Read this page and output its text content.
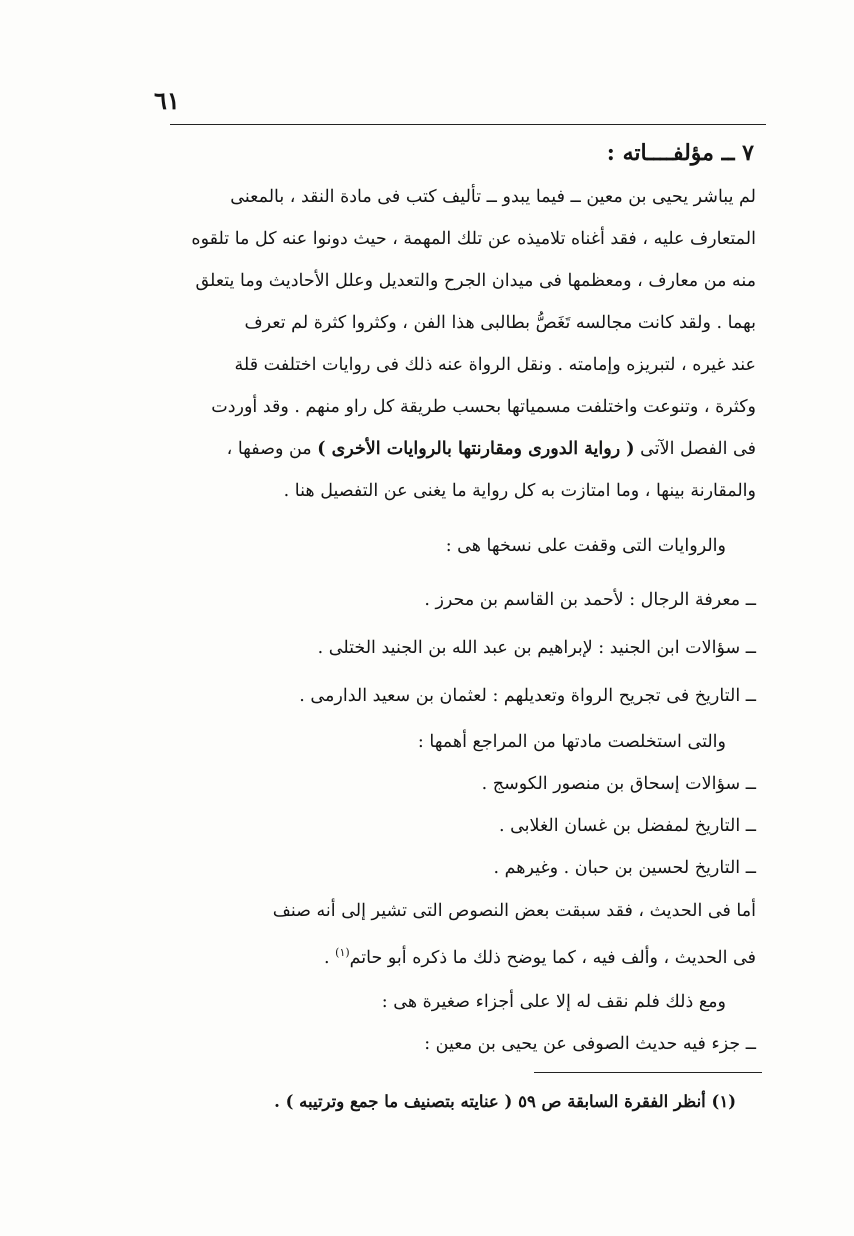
٦١
٧ ــ مؤلفــــاته :
لم يباشر يحيى بن معين ــ فيما يبدو ــ تأليف كتب فى مادة النقد ، بالمعنى
المتعارف عليه ، فقد أغناه تلاميذه عن تلك المهمة ، حيث دونوا عنه كل ما تلقوه
منه من معارف ، ومعظمها فى ميدان الجرح والتعديل وعلل الأحاديث وما يتعلق
بهما . ولقد كانت مجالسه تَغَصُّ بطالبى هذا الفن ، وكثروا كثرة لم تعرف
عند غيره ، لتبريزه وإمامته . ونقل الرواة عنه ذلك فى روايات اختلفت قلة
وكثرة ، وتنوعت واختلفت مسمياتها بحسب طريقة كل راو منهم . وقد أوردت
فى الفصل الآتى ( رواية الدورى ومقارنتها بالروايات الأخرى ) من وصفها ،
والمقارنة بينها ، وما امتازت به كل رواية ما يغنى عن التفصيل هنا .
والروايات التى وقفت على نسخها هى :
ــ معرفة الرجال : لأحمد بن القاسم بن محرز .
ــ سؤالات ابن الجنيد : لإبراهيم بن عبد الله بن الجنيد الختلى .
ــ التاريخ فى تجريح الرواة وتعديلهم : لعثمان بن سعيد الدارمى .
والتى استخلصت مادتها من المراجع أهمها :
ــ سؤالات إسحاق بن منصور الكوسج .
ــ التاريخ لمفضل بن غسان الغلابى .
ــ التاريخ لحسين بن حبان . وغيرهم .
أما فى الحديث ، فقد سبقت بعض النصوص التى تشير إلى أنه صنف
فى الحديث ، وألف فيه ، كما يوضح ذلك ما ذكره أبو حاتم$^{(١)}$ .
ومع ذلك فلم نقف له إلا على أجزاء صغيرة هى :
ــ جزء فيه حديث الصوفى عن يحيى بن معين :
(١) أنظر الفقرة السابقة ص ٥٩ ( عنايته بتصنيف ما جمع وترتيبه ) .
